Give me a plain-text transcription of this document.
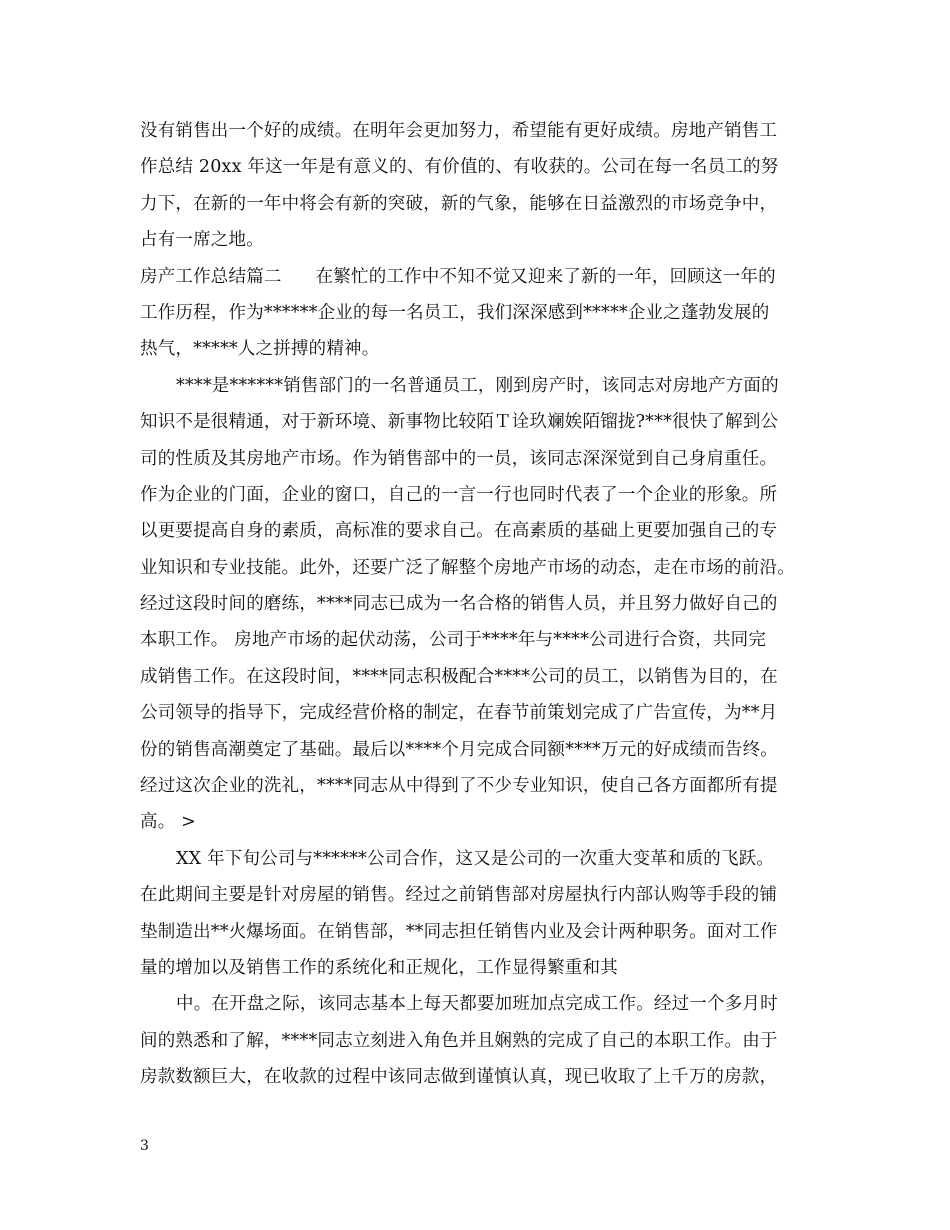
没有销售出一个好的成绩。在明年会更加努力，希望能有更好成绩。房地产销售工
作总结 20xx 年这一年是有意义的、有价值的、有收获的。公司在每一名员工的努
力下，在新的一年中将会有新的突破，新的气象，能够在日益激烈的市场竞争中，
占有一席之地。
房产工作总结篇二 在繁忙的工作中不知不觉又迎来了新的一年，回顾这一年的
工作历程，作为******企业的每一名员工，我们深深感到*****企业之蓬勃发展的
热气，*****人之拼搏的精神。
****是******销售部门的一名普通员工，刚到房产时，该同志对房地产方面的
知识不是很精通，对于新环境、新事物比较陌Ｔ诠玖斓娭陌镏拢?***很快了解到公
司的性质及其房地产市场。作为销售部中的一员，该同志深深觉到自己身肩重任。
作为企业的门面，企业的窗口，自己的一言一行也同时代表了一个企业的形象。所
以更要提高自身的素质，高标准的要求自己。在高素质的基础上更要加强自己的专
业知识和专业技能。此外，还要广泛了解整个房地产市场的动态，走在市场的前沿。
经过这段时间的磨练，****同志已成为一名合格的销售人员，并且努力做好自己的
本职工作。 房地产市场的起伏动荡，公司于****年与****公司进行合资，共同完
成销售工作。在这段时间，****同志积极配合****公司的员工，以销售为目的，在
公司领导的指导下，完成经营价格的制定，在春节前策划完成了广告宣传，为**月
份的销售高潮奠定了基础。最后以****个月完成合同额****万元的好成绩而告终。
经过这次企业的洗礼，****同志从中得到了不少专业知识，使自己各方面都所有提
高。 >
XX 年下旬公司与******公司合作，这又是公司的一次重大变革和质的飞跃。
在此期间主要是针对房屋的销售。经过之前销售部对房屋执行内部认购等手段的铺
垫制造出**火爆场面。在销售部，**同志担任销售内业及会计两种职务。面对工作
量的增加以及销售工作的系统化和正规化，工作显得繁重和其
中。在开盘之际，该同志基本上每天都要加班加点完成工作。经过一个多月时
间的熟悉和了解，****同志立刻进入角色并且娴熟的完成了自己的本职工作。由于
房款数额巨大，在收款的过程中该同志做到谨慎认真，现已收取了上千万的房款，
3
